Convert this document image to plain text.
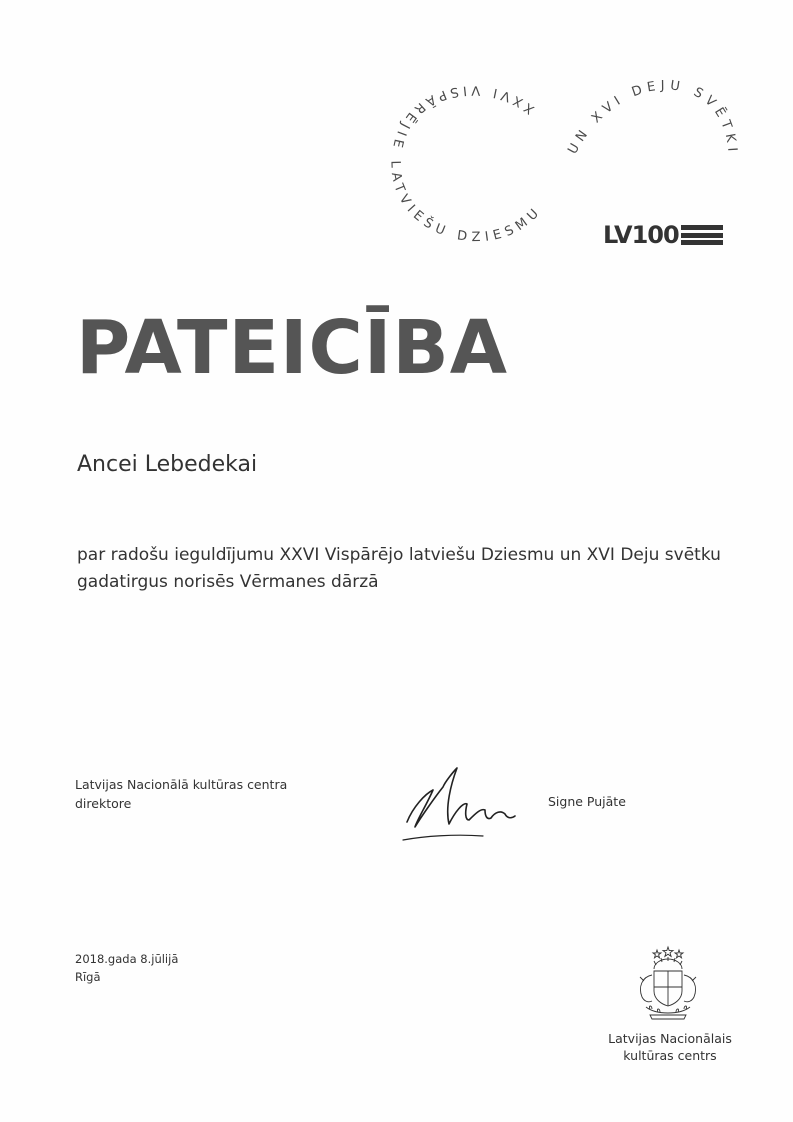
XXVI VISPĀRĒJIE LATVIEŠU DZIESMU
UN XVI DEJU SVĒTKI
LV100
PATEICĪBA
Ancei Lebedekai
par radošu ieguldījumu XXVI Vispārējo latviešu Dziesmu un XVI Deju svētku
gadatirgus norisēs Vērmanes dārzā
Latvijas Nacionālā kultūras centra
direktore	Signe Pujāte
2018.gada 8.jūlijā
Rīgā
Latvijas Nacionālais
kultūras centrs
